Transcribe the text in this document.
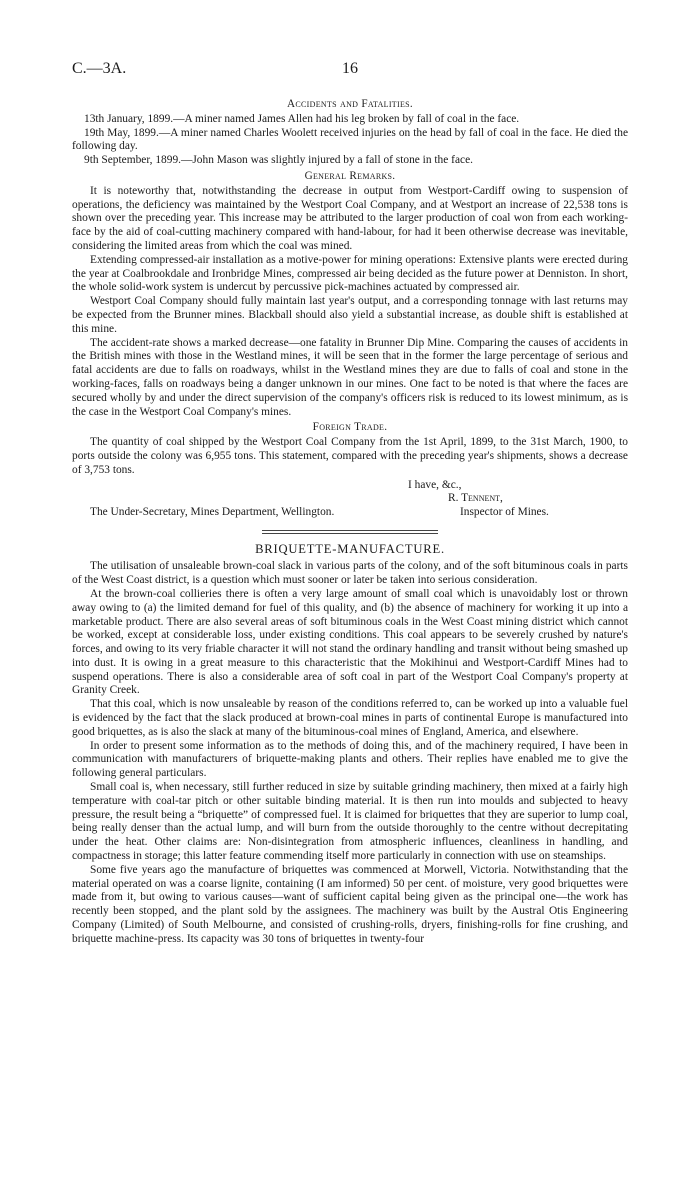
C.—3A.	16
Accidents and Fatalities.

13th January, 1899.—A miner named James Allen had his leg broken by fall of coal in the face.

19th May, 1899.—A miner named Charles Woolett received injuries on the head by fall of coal in the face. He died the following day.

9th September, 1899.—John Mason was slightly injured by a fall of stone in the face.

General Remarks.

It is noteworthy that, notwithstanding the decrease in output from Westport-Cardiff owing to suspension of operations, the deficiency was maintained by the Westport Coal Company, and at Westport an increase of 22,538 tons is shown over the preceding year. This increase may be attributed to the larger production of coal won from each working-face by the aid of coal-cutting machinery compared with hand-labour, for had it been otherwise decrease was inevitable, considering the limited areas from which the coal was mined.

Extending compressed-air installation as a motive-power for mining operations: Extensive plants were erected during the year at Coalbrookdale and Ironbridge Mines, compressed air being decided as the future power at Denniston. In short, the whole solid-work system is undercut by percussive pick-machines actuated by compressed air.

Westport Coal Company should fully maintain last year's output, and a corresponding tonnage with last returns may be expected from the Brunner mines. Blackball should also yield a substantial increase, as double shift is established at this mine.

The accident-rate shows a marked decrease—one fatality in Brunner Dip Mine. Comparing the causes of accidents in the British mines with those in the Westland mines, it will be seen that in the former the large percentage of serious and fatal accidents are due to falls on roadways, whilst in the Westland mines they are due to falls of coal and stone in the working-faces, falls on roadways being a danger unknown in our mines. One fact to be noted is that where the faces are secured wholly by and under the direct supervision of the company's officers risk is reduced to its lowest minimum, as is the case in the Westport Coal Company's mines.

Foreign Trade.

The quantity of coal shipped by the Westport Coal Company from the 1st April, 1899, to the 31st March, 1900, to ports outside the colony was 6,955 tons. This statement, compared with the preceding year's shipments, shows a decrease of 3,753 tons.

I have, &c.,
R. Tennent,
The Under-Secretary, Mines Department, Wellington.	Inspector of Mines.
BRIQUETTE-MANUFACTURE.

The utilisation of unsaleable brown-coal slack in various parts of the colony, and of the soft bituminous coals in parts of the West Coast district, is a question which must sooner or later be taken into serious consideration.

At the brown-coal collieries there is often a very large amount of small coal which is unavoidably lost or thrown away owing to (a) the limited demand for fuel of this quality, and (b) the absence of machinery for working it up into a marketable product. There are also several areas of soft bituminous coals in the West Coast mining district which cannot be worked, except at considerable loss, under existing conditions. This coal appears to be severely crushed by nature's forces, and owing to its very friable character it will not stand the ordinary handling and transit without being smashed up into dust. It is owing in a great measure to this characteristic that the Mokihinui and Westport-Cardiff Mines had to suspend operations. There is also a considerable area of soft coal in part of the Westport Coal Company's property at Granity Creek.

That this coal, which is now unsaleable by reason of the conditions referred to, can be worked up into a valuable fuel is evidenced by the fact that the slack produced at brown-coal mines in parts of continental Europe is manufactured into good briquettes, as is also the slack at many of the bituminous-coal mines of England, America, and elsewhere.

In order to present some information as to the methods of doing this, and of the machinery required, I have been in communication with manufacturers of briquette-making plants and others. Their replies have enabled me to give the following general particulars.

Small coal is, when necessary, still further reduced in size by suitable grinding machinery, then mixed at a fairly high temperature with coal-tar pitch or other suitable binding material. It is then run into moulds and subjected to heavy pressure, the result being a “briquette” of compressed fuel. It is claimed for briquettes that they are superior to lump coal, being really denser than the actual lump, and will burn from the outside thoroughly to the centre without decrepitating under the heat. Other claims are: Non-disintegration from atmospheric influences, cleanliness in handling, and compactness in storage; this latter feature commending itself more particularly in connection with use on steamships.

Some five years ago the manufacture of briquettes was commenced at Morwell, Victoria. Notwithstanding that the material operated on was a coarse lignite, containing (I am informed) 50 per cent. of moisture, very good briquettes were made from it, but owing to various causes—want of sufficient capital being given as the principal one—the work has recently been stopped, and the plant sold by the assignees. The machinery was built by the Austral Otis Engineering Company (Limited) of South Melbourne, and consisted of crushing-rolls, dryers, finishing-rolls for fine crushing, and briquette machine-press. Its capacity was 30 tons of briquettes in twenty-four
